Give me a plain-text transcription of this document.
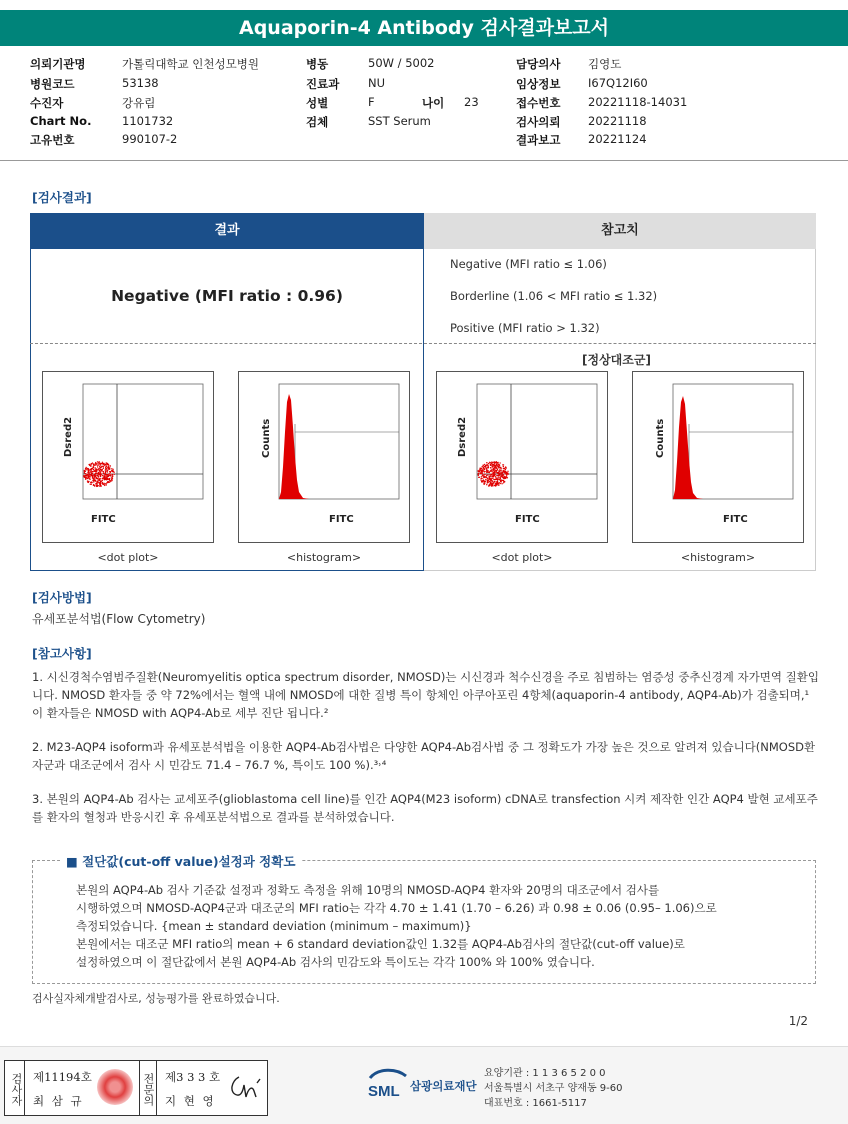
Aquaporin-4 Antibody 검사결과보고서
의뢰기관명	가톨릭대학교 인천성모병원	병동	50W / 5002	담당의사 김영도
병원코드	53138	진료과 NU	임상정보 I67Q12I60
수진자	강유림	성별	F	나이 23	접수번호 20221118-14031
Chart No.	1101732	검체	SST Serum	검사의뢰 20221118
고유번호	990107-2	결과보고 20221124
[검사결과]
결과	참고치
Negative (MFI ratio : 0.96)
Negative (MFI ratio ≤ 1.06)
Borderline (1.06 < MFI ratio ≤ 1.32)
Positive (MFI ratio > 1.32)
[정상대조군]
FITC
Dsred2
<dot plot>
FITC
Counts
<histogram>
FITC
Dsred2
<dot plot>
FITC
Counts
<histogram>
[검사방법]
유세포분석법(Flow Cytometry)
[참고사항]
1. 시신경척수염범주질환(Neuromyelitis optica spectrum disorder, NMOSD)는 시신경과 척수신경을 주로 침범하는 염증성 중추신경계 자가면역 질환입니다. NMOSD 환자들 중 약 72%에서는 혈액 내에 NMOSD에 대한 질병 특이 항체인 아쿠아포린 4항체(aquaporin-4 antibody, AQP4-Ab)가 검출되며,¹ 이 환자들은 NMOSD with AQP4-Ab로 세부 진단 됩니다.²
2. M23-AQP4 isoform과 유세포분석법을 이용한 AQP4-Ab검사법은 다양한 AQP4-Ab검사법 중 그 정확도가 가장 높은 것으로 알려져 있습니다(NMOSD환자군과 대조군에서 검사 시 민감도 71.4 – 76.7 %, 특이도 100 %).³˒⁴
3. 본원의 AQP4-Ab 검사는 교세포주(glioblastoma cell line)를 인간 AQP4(M23 isoform) cDNA로 transfection 시켜 제작한 인간 AQP4 발현 교세포주를 환자의 혈청과 반응시킨 후 유세포분석법으로 결과를 분석하였습니다.
■ 절단값(cut-off value)설정과 정확도
본원의 AQP4-Ab 검사 기준값 설정과 정확도 측정을 위해 10명의 NMOSD-AQP4 환자와 20명의 대조군에서 검사를
시행하였으며 NMOSD-AQP4군과 대조군의 MFI ratio는 각각 4.70 ± 1.41 (1.70 – 6.26) 과 0.98 ± 0.06 (0.95– 1.06)으로
측정되었습니다. {mean ± standard deviation (minimum – maximum)}
본원에서는 대조군 MFI ratio의 mean + 6 standard deviation값인 1.32를 AQP4-Ab검사의 절단값(cut-off value)로
설정하였으며 이 절단값에서 본원 AQP4-Ab 검사의 민감도와 특이도는 각각 100% 와 100% 였습니다.
검사실자체개발검사로, 성능평가를 완료하였습니다.
1/2
검사자 제11194호
최 삼 규	전문의 제3 3 3 호
지 현 영
SML 삼광의료재단
요양기관 : 1 1 3 6 5 2 0 0
서울특별시 서초구 양재동 9-60
대표번호 : 1661-5117
